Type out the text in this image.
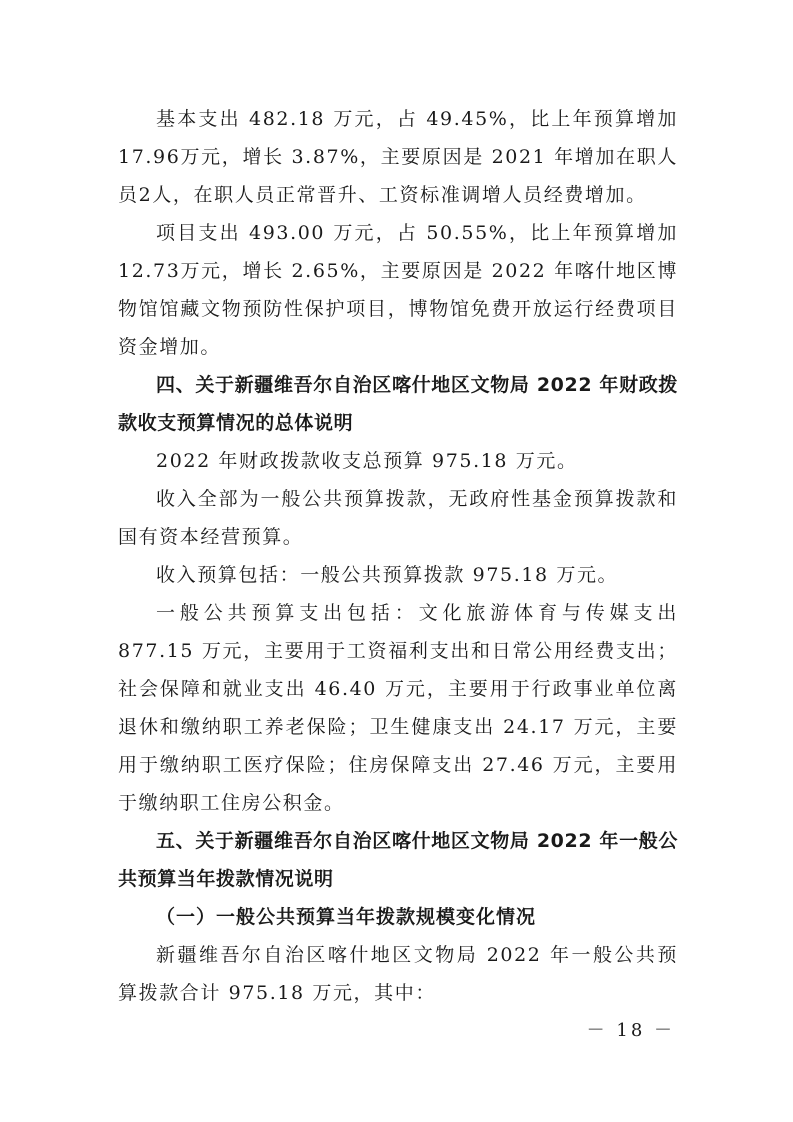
基本支出 482.18 万元，占 49.45%，比上年预算增加17.96万元，增长 3.87%，主要原因是 2021 年增加在职人员2人，在职人员正常晋升、工资标准调增人员经费增加。

项目支出 493.00 万元，占 50.55%，比上年预算增加12.73万元，增长 2.65%，主要原因是 2022 年喀什地区博物馆馆藏文物预防性保护项目，博物馆免费开放运行经费项目资金增加。

四、关于新疆维吾尔自治区喀什地区文物局 2022 年财政拨款收支预算情况的总体说明

2022 年财政拨款收支总预算 975.18 万元。

收入全部为一般公共预算拨款，无政府性基金预算拨款和国有资本经营预算。

收入预算包括：一般公共预算拨款 975.18 万元。

一般公共预算支出包括：文化旅游体育与传媒支出877.15 万元，主要用于工资福利支出和日常公用经费支出；社会保障和就业支出 46.40 万元，主要用于行政事业单位离退休和缴纳职工养老保险；卫生健康支出 24.17 万元，主要用于缴纳职工医疗保险；住房保障支出 27.46 万元，主要用于缴纳职工住房公积金。

五、关于新疆维吾尔自治区喀什地区文物局 2022 年一般公共预算当年拨款情况说明

（一）一般公共预算当年拨款规模变化情况

新疆维吾尔自治区喀什地区文物局 2022 年一般公共预算拨款合计 975.18 万元，其中：

－ 18 －
